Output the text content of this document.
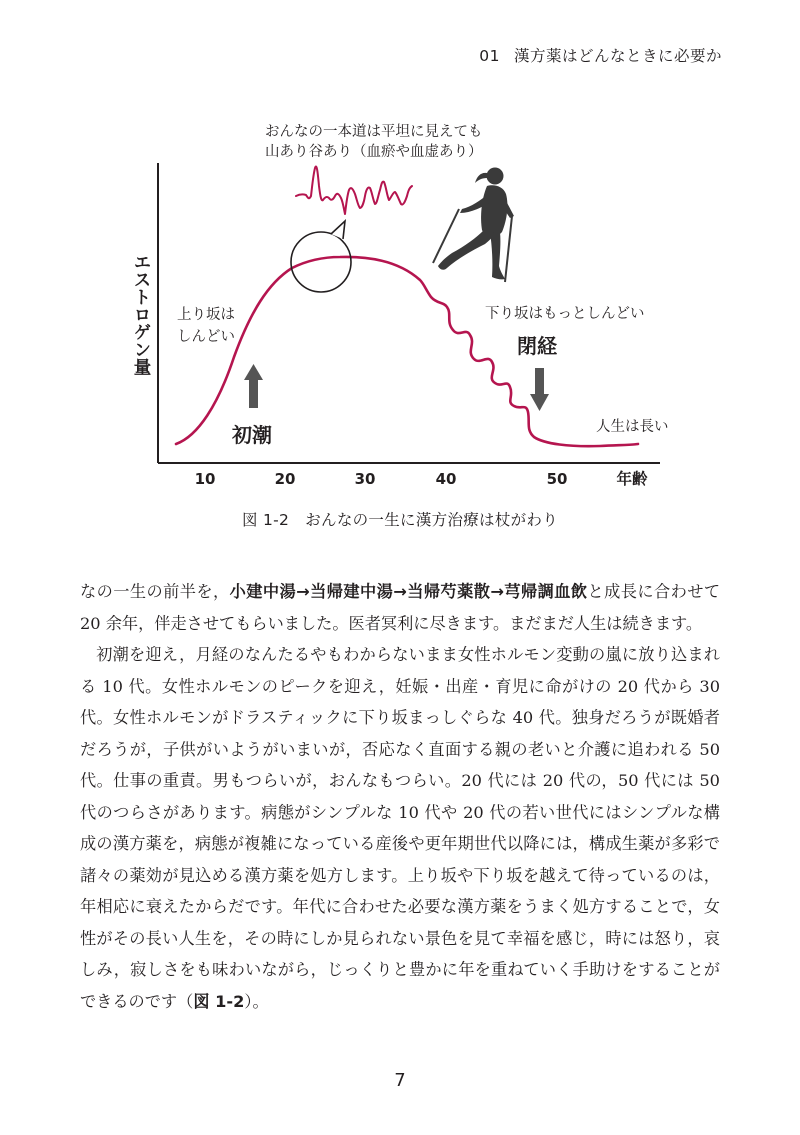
01 漢方薬はどんなときに必要か
エストロゲン量
10	20	30	40	50	年齢
おんなの一本道は平坦に見えても
山あり谷あり（血瘀や血虚あり）
上り坂は
しんどい
下り坂はもっとしんどい
初潮
閉経
人生は長い
図 1-2 おんなの一生に漢方治療は杖がわり

なの一生の前半を，小建中湯→当帰建中湯→当帰芍薬散→芎帰調血飲と成長に合わせて 20 余年，伴走させてもらいました。医者冥利に尽きます。まだまだ人生は続きます。

初潮を迎え，月経のなんたるやもわからないまま女性ホルモン変動の嵐に放り込まれる 10 代。女性ホルモンのピークを迎え，妊娠・出産・育児に命がけの 20 代から 30 代。女性ホルモンがドラスティックに下り坂まっしぐらな 40 代。独身だろうが既婚者だろうが，子供がいようがいまいが，否応なく直面する親の老いと介護に追われる 50 代。仕事の重責。男もつらいが，おんなもつらい。20 代には 20 代の，50 代には 50 代のつらさがあります。病態がシンプルな 10 代や 20 代の若い世代にはシンプルな構成の漢方薬を，病態が複雑になっている産後や更年期世代以降には，構成生薬が多彩で諸々の薬効が見込める漢方薬を処方します。上り坂や下り坂を越えて待っているのは，年相応に衰えたからだです。年代に合わせた必要な漢方薬をうまく処方することで，女性がその長い人生を，その時にしか見られない景色を見て幸福を感じ，時には怒り，哀しみ，寂しさをも味わいながら，じっくりと豊かに年を重ねていく手助けをすることができるのです（図 1-2）。

7
